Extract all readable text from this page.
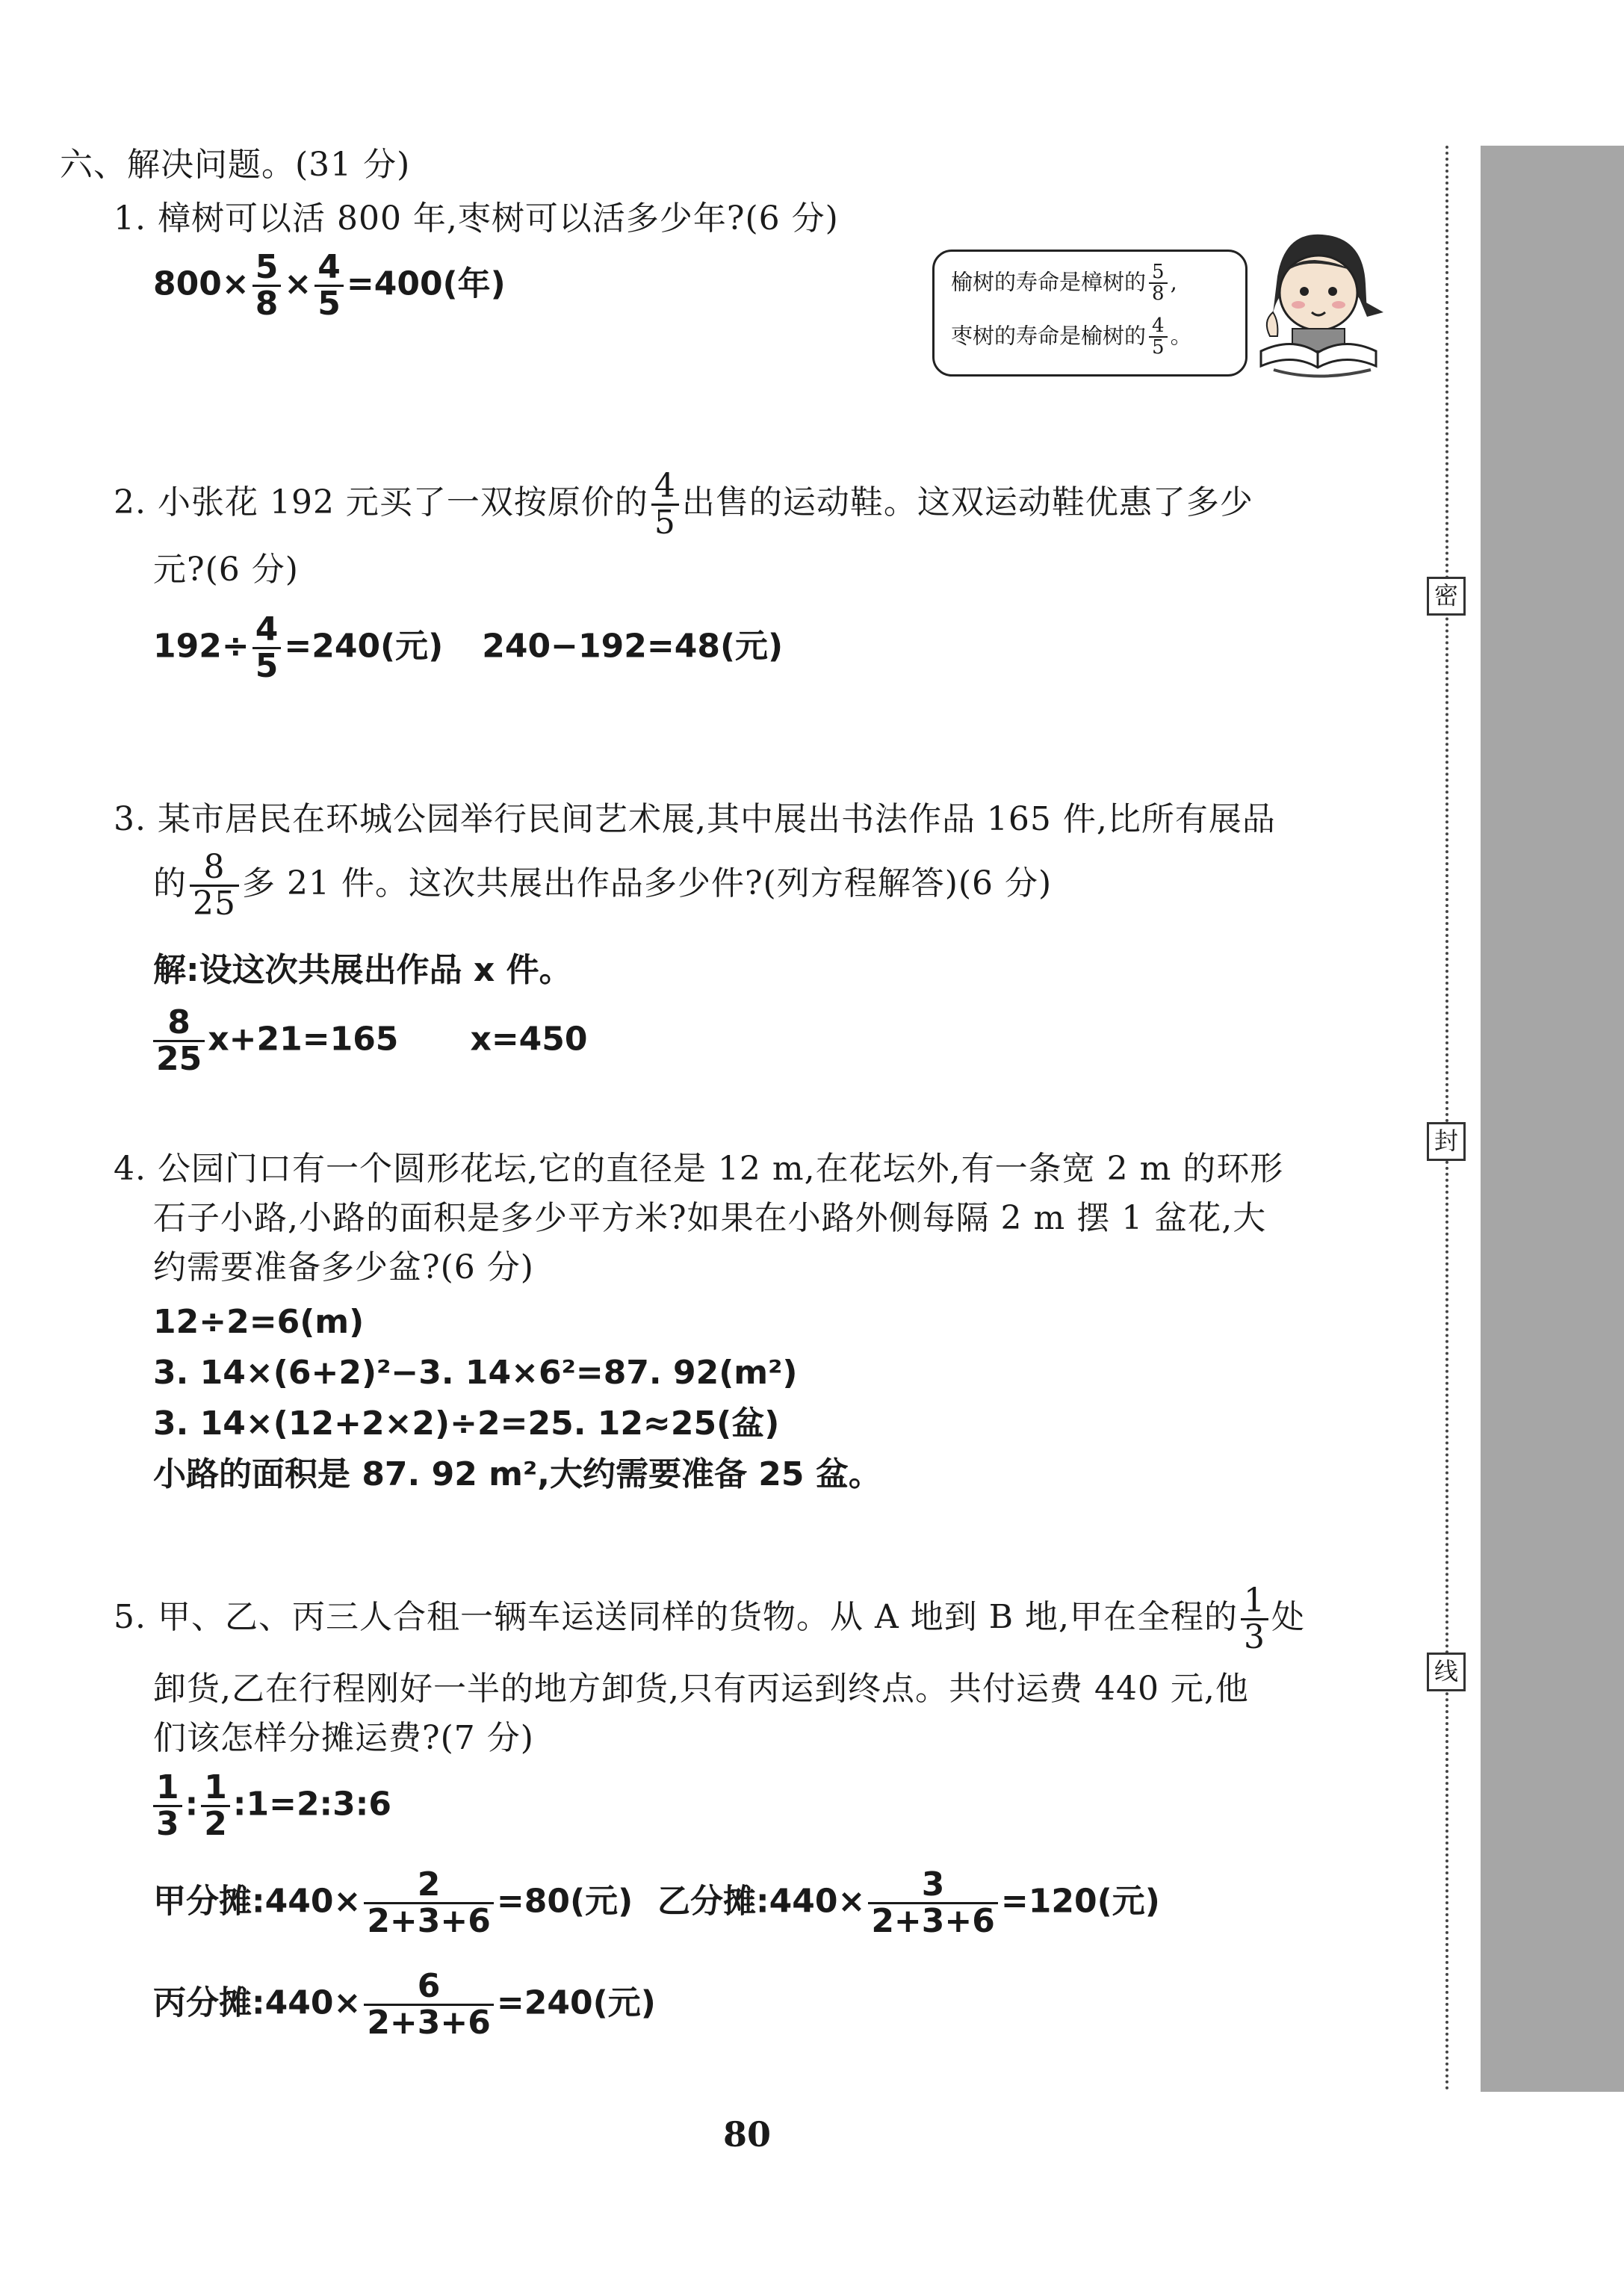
密
封
线
六、解决问题。(31 分)
1. 樟树可以活 800 年,枣树可以活多少年?(6 分)
$800\times \frac{5}{8} \times \frac{4}{5} =400$(年)	榆树的寿命是樟树的 $\frac{5}{8}$ ,
枣树的寿命是榆树的 $\frac{4}{5}$ 。
2. 小张花 192 元买了一双按原价的 $\frac{4}{5}$ 出售的运动鞋。这双运动鞋优惠了多少
元?(6 分)
$192\div \frac{4}{5} =240$(元) 240−192=48(元)
3. 某市居民在环城公园举行民间艺术展,其中展出书法作品 165 件,比所有展品
的 $\frac{8}{25}$ 多 21 件。这次共展出作品多少件?(列方程解答)(6 分)
解:设这次共展出作品 x 件。
$\frac{8}{25} x+21=165$ x=450
4. 公园门口有一个圆形花坛,它的直径是 12 m,在花坛外,有一条宽 2 m 的环形
石子小路,小路的面积是多少平方米?如果在小路外侧每隔 2 m 摆 1 盆花,大
约需要准备多少盆?(6 分)
12÷2=6(m)
3. 14×(6+2)²−3. 14×6²=87. 92(m²)
3. 14×(12+2×2)÷2=25. 12≈25(盆)
小路的面积是 87. 92 m²,大约需要准备 25 盆。
5. 甲、乙、丙三人合租一辆车运送同样的货物。从 A 地到 B 地,甲在全程的 $\frac{1}{3}$ 处
卸货,乙在行程刚好一半的地方卸货,只有丙运到终点。共付运费 440 元,他
们该怎样分摊运费?(7 分)
$\frac{1}{3}$ : $\frac{1}{2}$ :1=2:3:6
甲分摊:440× $\frac{2}{2+3+6} =80$(元) 乙分摊:440× $\frac{3}{2+3+6} =120$(元)
丙分摊:440× $\frac{6}{2+3+6} =240$(元)
80
